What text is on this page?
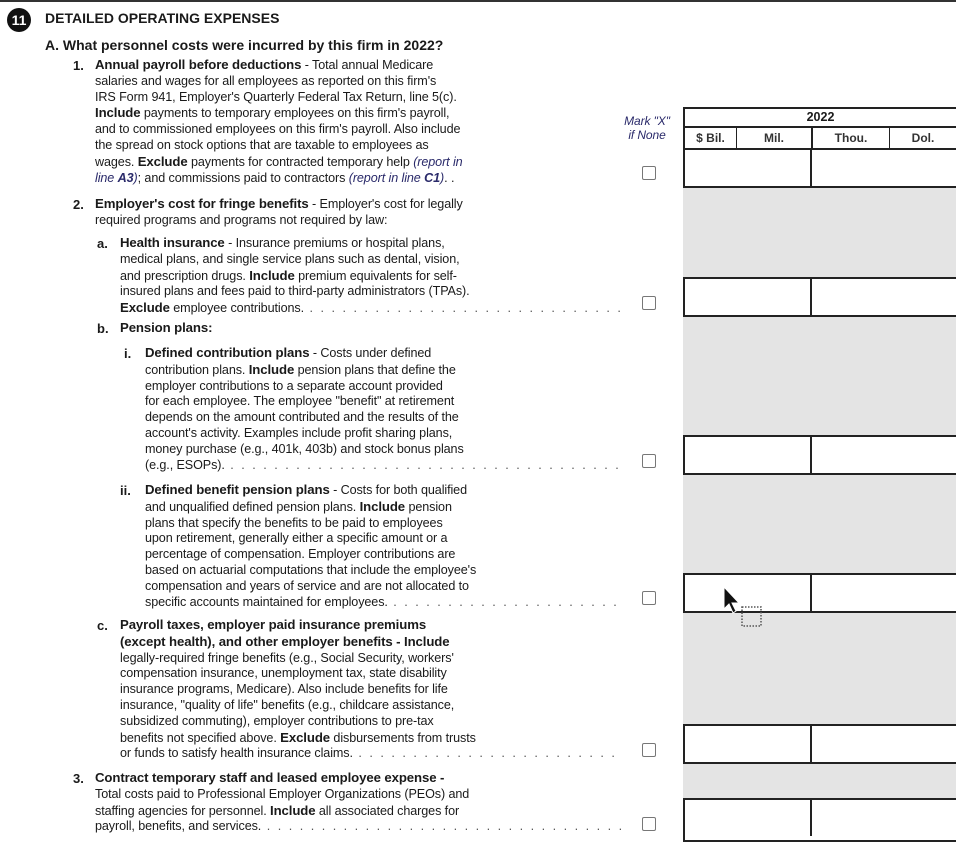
11	DETAILED OPERATING EXPENSES
A. What personnel costs were incurred by this firm in 2022?
Mark "X"
if None
2022
$ Bil.	Mil.	Thou.	Dol.
1. Annual payroll before deductions - Total annual Medicare
salaries and wages for all employees as reported on this firm's
IRS Form 941, Employer's Quarterly Federal Tax Return, line 5(c).
Include payments to temporary employees on this firm's payroll,
and to commissioned employees on this firm's payroll. Also include
the spread on stock options that are taxable to employees as
wages. Exclude payments for contracted temporary help (report in
line A3); and commissions paid to contractors (report in line C1). .
2. Employer's cost for fringe benefits - Employer's cost for legally
required programs and programs not required by law:
a. Health insurance - Insurance premiums or hospital plans,
medical plans, and single service plans such as dental, vision,
and prescription drugs. Include premium equivalents for self-
insured plans and fees paid to third-party administrators (TPAs).
Exclude employee contributions. . . . . . . . . . . . . . . . . . . . . . . . . . . . . .
b. Pension plans:
i. Defined contribution plans - Costs under defined
contribution plans. Include pension plans that define the
employer contributions to a separate account provided
for each employee. The employee "benefit" at retirement
depends on the amount contributed and the results of the
account's activity. Examples include profit sharing plans,
money purchase (e.g., 401k, 403b) and stock bonus plans
(e.g., ESOPs). . . . . . . . . . . . . . . . . . . . . . . . . . . . . . . . . . . . .
ii. Defined benefit pension plans - Costs for both qualified
and unqualified defined pension plans. Include pension
plans that specify the benefits to be paid to employees
upon retirement, generally either a specific amount or a
percentage of compensation. Employer contributions are
based on actuarial computations that include the employee's
compensation and years of service and are not allocated to
specific accounts maintained for employees. . . . . . . . . . . . . . . . . . . . . .
c. Payroll taxes, employer paid insurance premiums
(except health), and other employer benefits - Include
legally-required fringe benefits (e.g., Social Security, workers'
compensation insurance, unemployment tax, state disability
insurance programs, Medicare). Also include benefits for life
insurance, "quality of life" benefits (e.g., childcare assistance,
subsidized commuting), employer contributions to pre-tax
benefits not specified above. Exclude disbursements from trusts
or funds to satisfy health insurance claims. . . . . . . . . . . . . . . . . . . . . . . . .
3. Contract temporary staff and leased employee expense -
Total costs paid to Professional Employer Organizations (PEOs) and
staffing agencies for personnel. Include all associated charges for
payroll, benefits, and services. . . . . . . . . . . . . . . . . . . . . . . . . . . . . . . . . .
